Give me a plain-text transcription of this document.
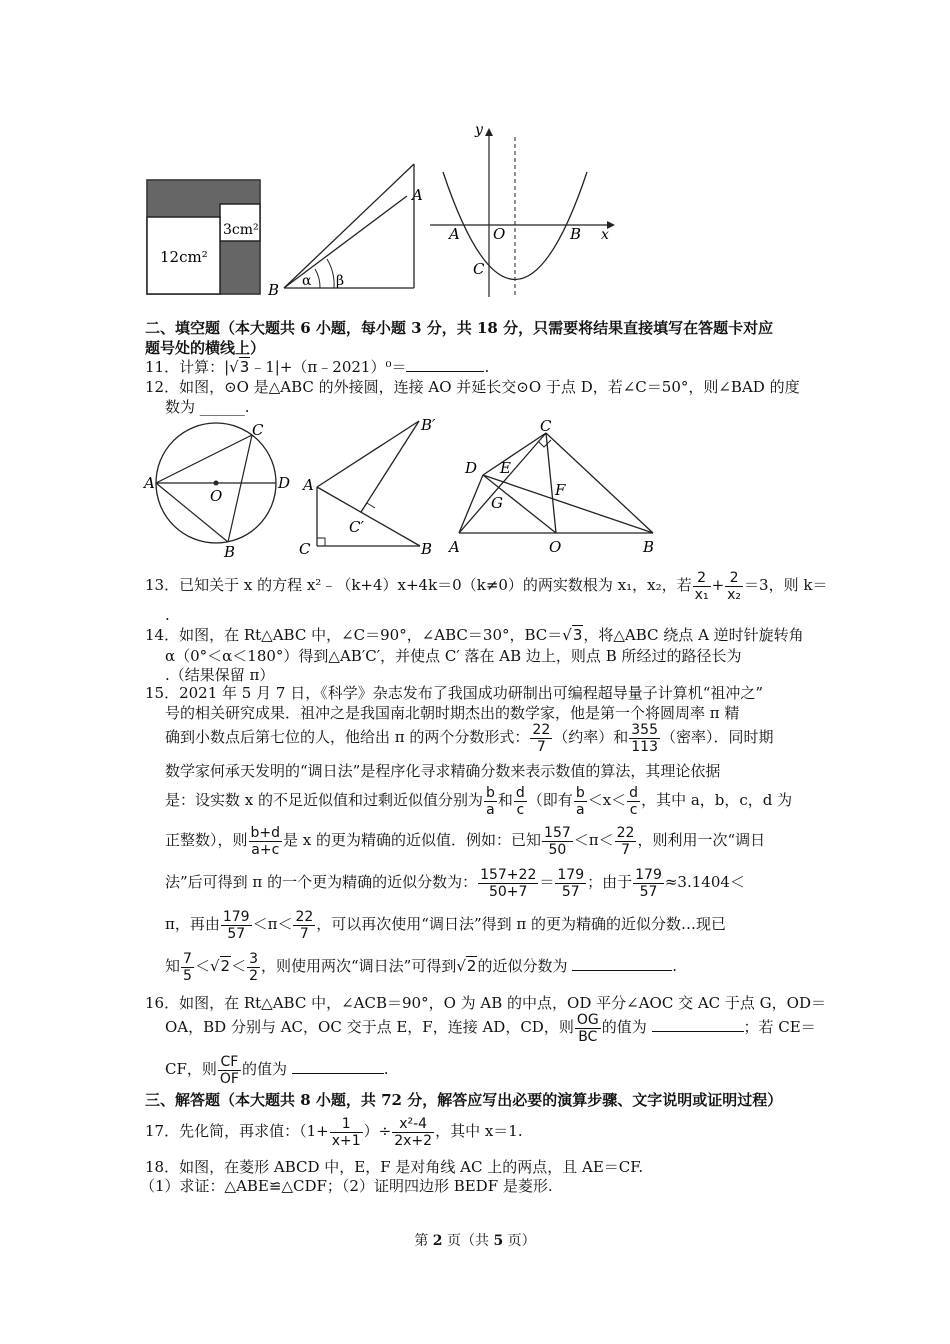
12cm²
3cm²
A
B α β
y
x
A O	B
C
二、填空题（本大题共 6 小题，每小题 3 分，共 18 分，只需要将结果直接填写在答题卡对应
题号处的横线上）
11．计算：|√3﹣1|+（π﹣2021）⁰＝	.
12．如图，⊙O 是△ABC 的外接圆，连接 AO 并延长交⊙O 于点 D，若∠C＝50°，则∠BAD 的度
数为 ______.
A
C
D
O
B
A
C	B
B′
C′
C
D E
G
F
A	O	B
13．已知关于 x 的方程 x²﹣（k+4）x+4k＝0（k≠0）的两实数根为 x₁，x₂，若 $\frac{2}{\text{x₁}} + \frac{2}{\text{x₂}} =3$，则 k＝
.
14．如图，在 Rt△ABC 中，∠C＝90°，∠ABC＝30°，BC＝√3，将△ABC 绕点 A 逆时针旋转角
α（0°＜α＜180°）得到△AB′C′，并使点 C′ 落在 AB 边上，则点 B 所经过的路径长为
.（结果保留 π）
15．2021 年 5 月 7 日，《科学》杂志发布了我国成功研制出可编程超导量子计算机“祖冲之”
号的相关研究成果．祖冲之是我国南北朝时期杰出的数学家，他是第一个将圆周率 π 精
确到小数点后第七位的人，他给出 π 的两个分数形式： $\frac{22}{7}$ （约率）和 $\frac{355}{113}$ （密率）．同时期
数学家何承天发明的“调日法”是程序化寻求精确分数来表示数值的算法，其理论依据
是：设实数 x 的不足近似值和过剩近似值分别为 $\frac{b}{a}$ 和 $\frac{d}{c}$ （即有 $\frac{b}{a} <x< \frac{d}{c}$ ，其中 a，b，c，d 为
正整数），则 $\frac{b+d}{a+c}$ 是 x 的更为精确的近似值．例如：已知 $\frac{157}{50} <\pi< \frac{22}{7}$ ，则利用一次“调日
法”后可得到 π 的一个更为精确的近似分数为： $\frac{157+22}{50+7} = \frac{179}{57}$ ；由于 $\frac{179}{57} \approx 3.1404<$
π，再由 $\frac{179}{57} <\pi< \frac{22}{7}$ ，可以再次使用“调日法”得到 π 的更为精确的近似分数…现已
知 $\frac{7}{5} <√2< \frac{3}{2}$ ，则使用两次“调日法”可得到√2的近似分数为	.
16．如图，在 Rt△ABC 中，∠ACB＝90°，O 为 AB 的中点，OD 平分∠AOC 交 AC 于点 G，OD＝
OA，BD 分别与 AC，OC 交于点 E，F，连接 AD，CD，则 $\frac{OG}{BC}$ 的值为	；若 CE＝
CF，则 $\frac{CF}{OF}$ 的值为	.
三、解答题（本大题共 8 小题，共 72 分，解答应写出必要的演算步骤、文字说明或证明过程）
17．先化简，再求值：（$1+ \frac{1}{x+1}$ ）÷ $\frac{\text{x²-4}}{2x+2}$ ，其中 x＝1.
18．如图，在菱形 ABCD 中，E，F 是对角线 AC 上的两点，且 AE＝CF.
（1）求证：△ABE≌△CDF；（2）证明四边形 BEDF 是菱形.
第 2 页（共 5 页）
